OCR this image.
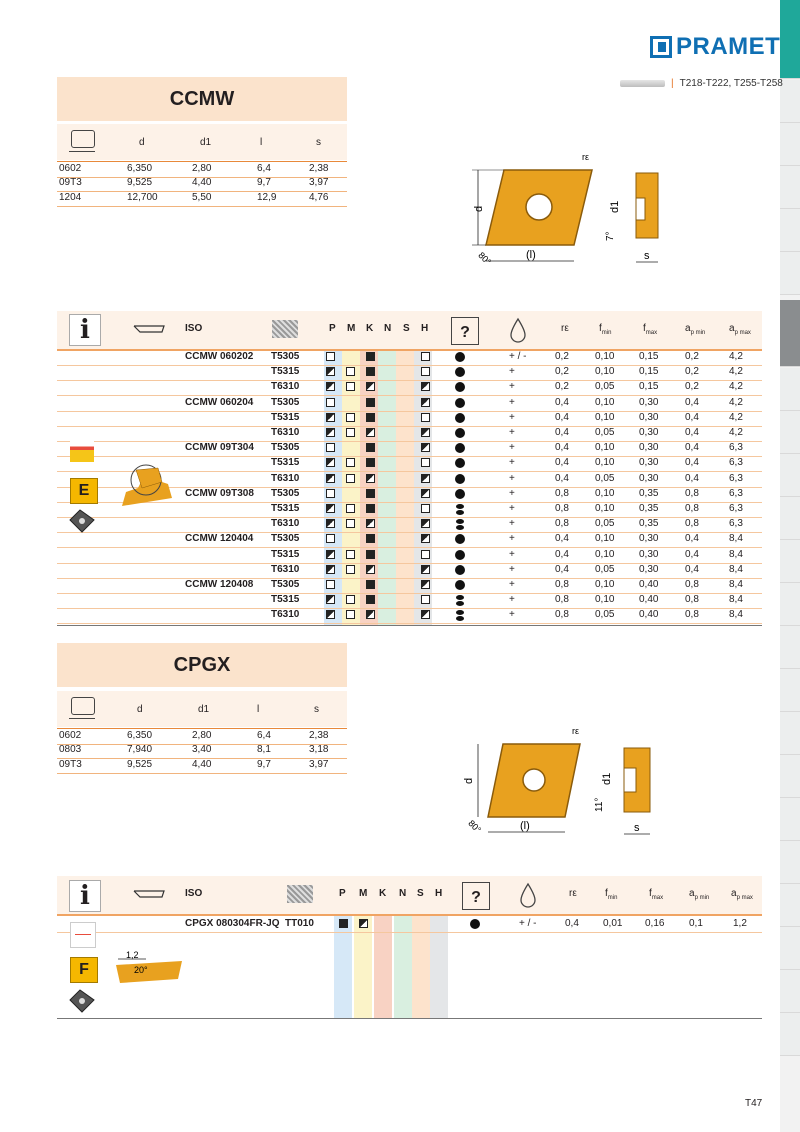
PRAMET
| T218-T222, T255-T258
CCMW
d	d1	l	s
0602	6,350	2,80	6,4	2,38
09T3	9,525	4,40	9,7	3,97
1204	12,700	5,50	12,9	4,76
d
(l)
80°
rε
d1
7°
s
i	ISO	P M K N S H	?	rε	$f_{min}$	$f_{max}$	$a_{p min}$ $a_{p max}$
CCMW 060202 T5305	+ / -	0,2	0,10 0,15	0,2	4,2
T5315	+	0,2	0,10 0,15	0,2	4,2
T6310	+	0,2	0,05 0,15	0,2	4,2
CCMW 060204 T5305	+	0,4	0,10 0,30	0,4	4,2
T5315	+	0,4	0,10 0,30	0,4	4,2
T6310	+	0,4	0,05 0,30	0,4	4,2
CCMW 09T304 T5305	+	0,4	0,10 0,30	0,4	6,3
T5315	+	0,4	0,10 0,30	0,4	6,3
T6310	+	0,4	0,05 0,30	0,4	6,3
CCMW 09T308 T5305	+	0,8	0,10 0,35	0,8	6,3
T5315	+	0,8	0,10 0,35	0,8	6,3
T6310	+	0,8	0,05 0,35	0,8	6,3
CCMW 120404 T5305	+	0,4	0,10 0,30	0,4	8,4
T5315	+	0,4	0,10 0,30	0,4	8,4
T6310	+	0,4	0,05 0,30	0,4	8,4
CCMW 120408 T5305	+	0,8	0,10 0,40	0,8	8,4
T5315	+	0,8	0,10 0,40	0,8	8,4
T6310	+	0,8	0,05 0,40	0,8	8,4
E
CPGX
d	d1	l	s
0602	6,350	2,80	6,4	2,38
0803	7,940	3,40	8,1	3,18
09T3	9,525	4,40	9,7	3,97
d
(l)
80°
rε
d1
11°
s
i	ISO	P M K N S H	?	rε	$f_{min}$	$f_{max}$	$a_{p min}$ $a_{p max}$
CPGX 080304FR-JQ TT010	+ / -	0,4 0,01 0,16 0,1	1,2
F
1,2
20°
T47
